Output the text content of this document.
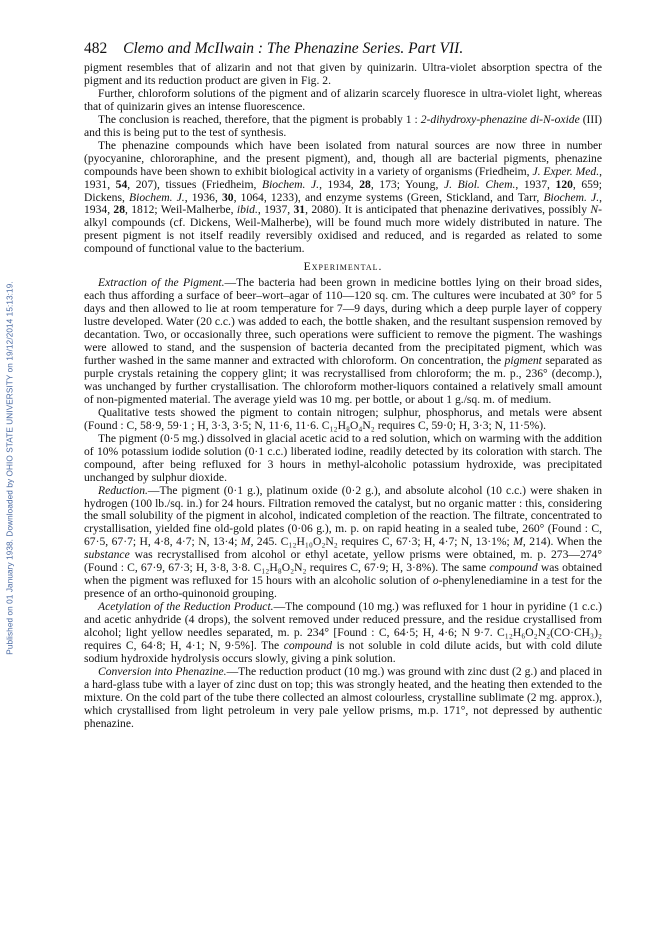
Published on 01 January 1938. Downloaded by OHIO STATE UNIVERSITY on 19/12/2014 15:13:19.
482 Clemo and McIlwain : The Phenazine Series. Part VII.

pigment resembles that of alizarin and not that given by quinizarin. Ultra-violet absorption spectra of the pigment and its reduction product are given in Fig. 2.

Further, chloroform solutions of the pigment and of alizarin scarcely fluoresce in ultra-violet light, whereas that of quinizarin gives an intense fluorescence.

The conclusion is reached, therefore, that the pigment is probably 1 : 2-dihydroxy-phenazine di-N-oxide (III) and this is being put to the test of synthesis.

The phenazine compounds which have been isolated from natural sources are now three in number (pyocyanine, chlororaphine, and the present pigment), and, though all are bacterial pigments, phenazine compounds have been shown to exhibit biological activity in a variety of organisms (Friedheim, J. Exper. Med., 1931, 54, 207), tissues (Friedheim, Biochem. J., 1934, 28, 173; Young, J. Biol. Chem., 1937, 120, 659; Dickens, Biochem. J., 1936, 30, 1064, 1233), and enzyme systems (Green, Stickland, and Tarr, Biochem. J., 1934, 28, 1812; Weil-Malherbe, ibid., 1937, 31, 2080). It is anticipated that phenazine derivatives, possibly N-alkyl compounds (cf. Dickens, Weil-Malherbe), will be found much more widely distributed in nature. The present pigment is not itself readily reversibly oxidised and reduced, and is regarded as related to some compound of functional value to the bacterium.

Experimental.

Extraction of the Pigment.—The bacteria had been grown in medicine bottles lying on their broad sides, each thus affording a surface of beer–wort–agar of 110—120 sq. cm. The cultures were incubated at 30° for 5 days and then allowed to lie at room temperature for 7—9 days, during which a deep purple layer of coppery lustre developed. Water (20 c.c.) was added to each, the bottle shaken, and the resultant suspension removed by decantation. Two, or occasionally three, such operations were sufficient to remove the pigment. The washings were allowed to stand, and the suspension of bacteria decanted from the precipitated pigment, which was further washed in the same manner and extracted with chloroform. On concentration, the pigment separated as purple crystals retaining the coppery glint; it was recrystallised from chloroform; the m. p., 236° (decomp.), was unchanged by further crystallisation. The chloroform mother-liquors contained a relatively small amount of non-pigmented material. The average yield was 10 mg. per bottle, or about 1 g./sq. m. of medium.

Qualitative tests showed the pigment to contain nitrogen; sulphur, phosphorus, and metals were absent (Found : C, 58·9, 59·1 ; H, 3·3, 3·5; N, 11·6, 11·6. C₁₂H₈O₄N₂ requires C, 59·0; H, 3·3; N, 11·5%).

The pigment (0·5 mg.) dissolved in glacial acetic acid to a red solution, which on warming with the addition of 10% potassium iodide solution (0·1 c.c.) liberated iodine, readily detected by its coloration with starch. The compound, after being refluxed for 3 hours in methyl-alcoholic potassium hydroxide, was precipitated unchanged by sulphur dioxide.

Reduction.—The pigment (0·1 g.), platinum oxide (0·2 g.), and absolute alcohol (10 c.c.) were shaken in hydrogen (100 lb./sq. in.) for 24 hours. Filtration removed the catalyst, but no organic matter : this, considering the small solubility of the pigment in alcohol, indicated completion of the reaction. The filtrate, concentrated to crystallisation, yielded fine old-gold plates (0·06 g.), m. p. on rapid heating in a sealed tube, 260° (Found : C, 67·5, 67·7; H, 4·8, 4·7; N, 13·4; M, 245. C₁₂H₁₀O₂N₂ requires C, 67·3; H, 4·7; N, 13·1%; M, 214). When the substance was recrystallised from alcohol or ethyl acetate, yellow prisms were obtained, m. p. 273—274° (Found : C, 67·9, 67·3; H, 3·8, 3·8. C₁₂H₈O₂N₂ requires C, 67·9; H, 3·8%). The same compound was obtained when the pigment was refluxed for 15 hours with an alcoholic solution of o-phenylenediamine in a test for the presence of an ortho-quinonoid grouping.

Acetylation of the Reduction Product.—The compound (10 mg.) was refluxed for 1 hour in pyridine (1 c.c.) and acetic anhydride (4 drops), the solvent removed under reduced pressure, and the residue crystallised from alcohol; light yellow needles separated, m. p. 234° [Found : C, 64·5; H, 4·6; N 9·7. C₁₂H₆O₂N₂(CO·CH₃)₂ requires C, 64·8; H, 4·1; N, 9·5%]. The compound is not soluble in cold dilute acids, but with cold dilute sodium hydroxide hydrolysis occurs slowly, giving a pink solution.

Conversion into Phenazine.—The reduction product (10 mg.) was ground with zinc dust (2 g.) and placed in a hard-glass tube with a layer of zinc dust on top; this was strongly heated, and the heating then extended to the mixture. On the cold part of the tube there collected an almost colourless, crystalline sublimate (2 mg. approx.), which crystallised from light petroleum in very pale yellow prisms, m.p. 171°, not depressed by authentic phenazine.
